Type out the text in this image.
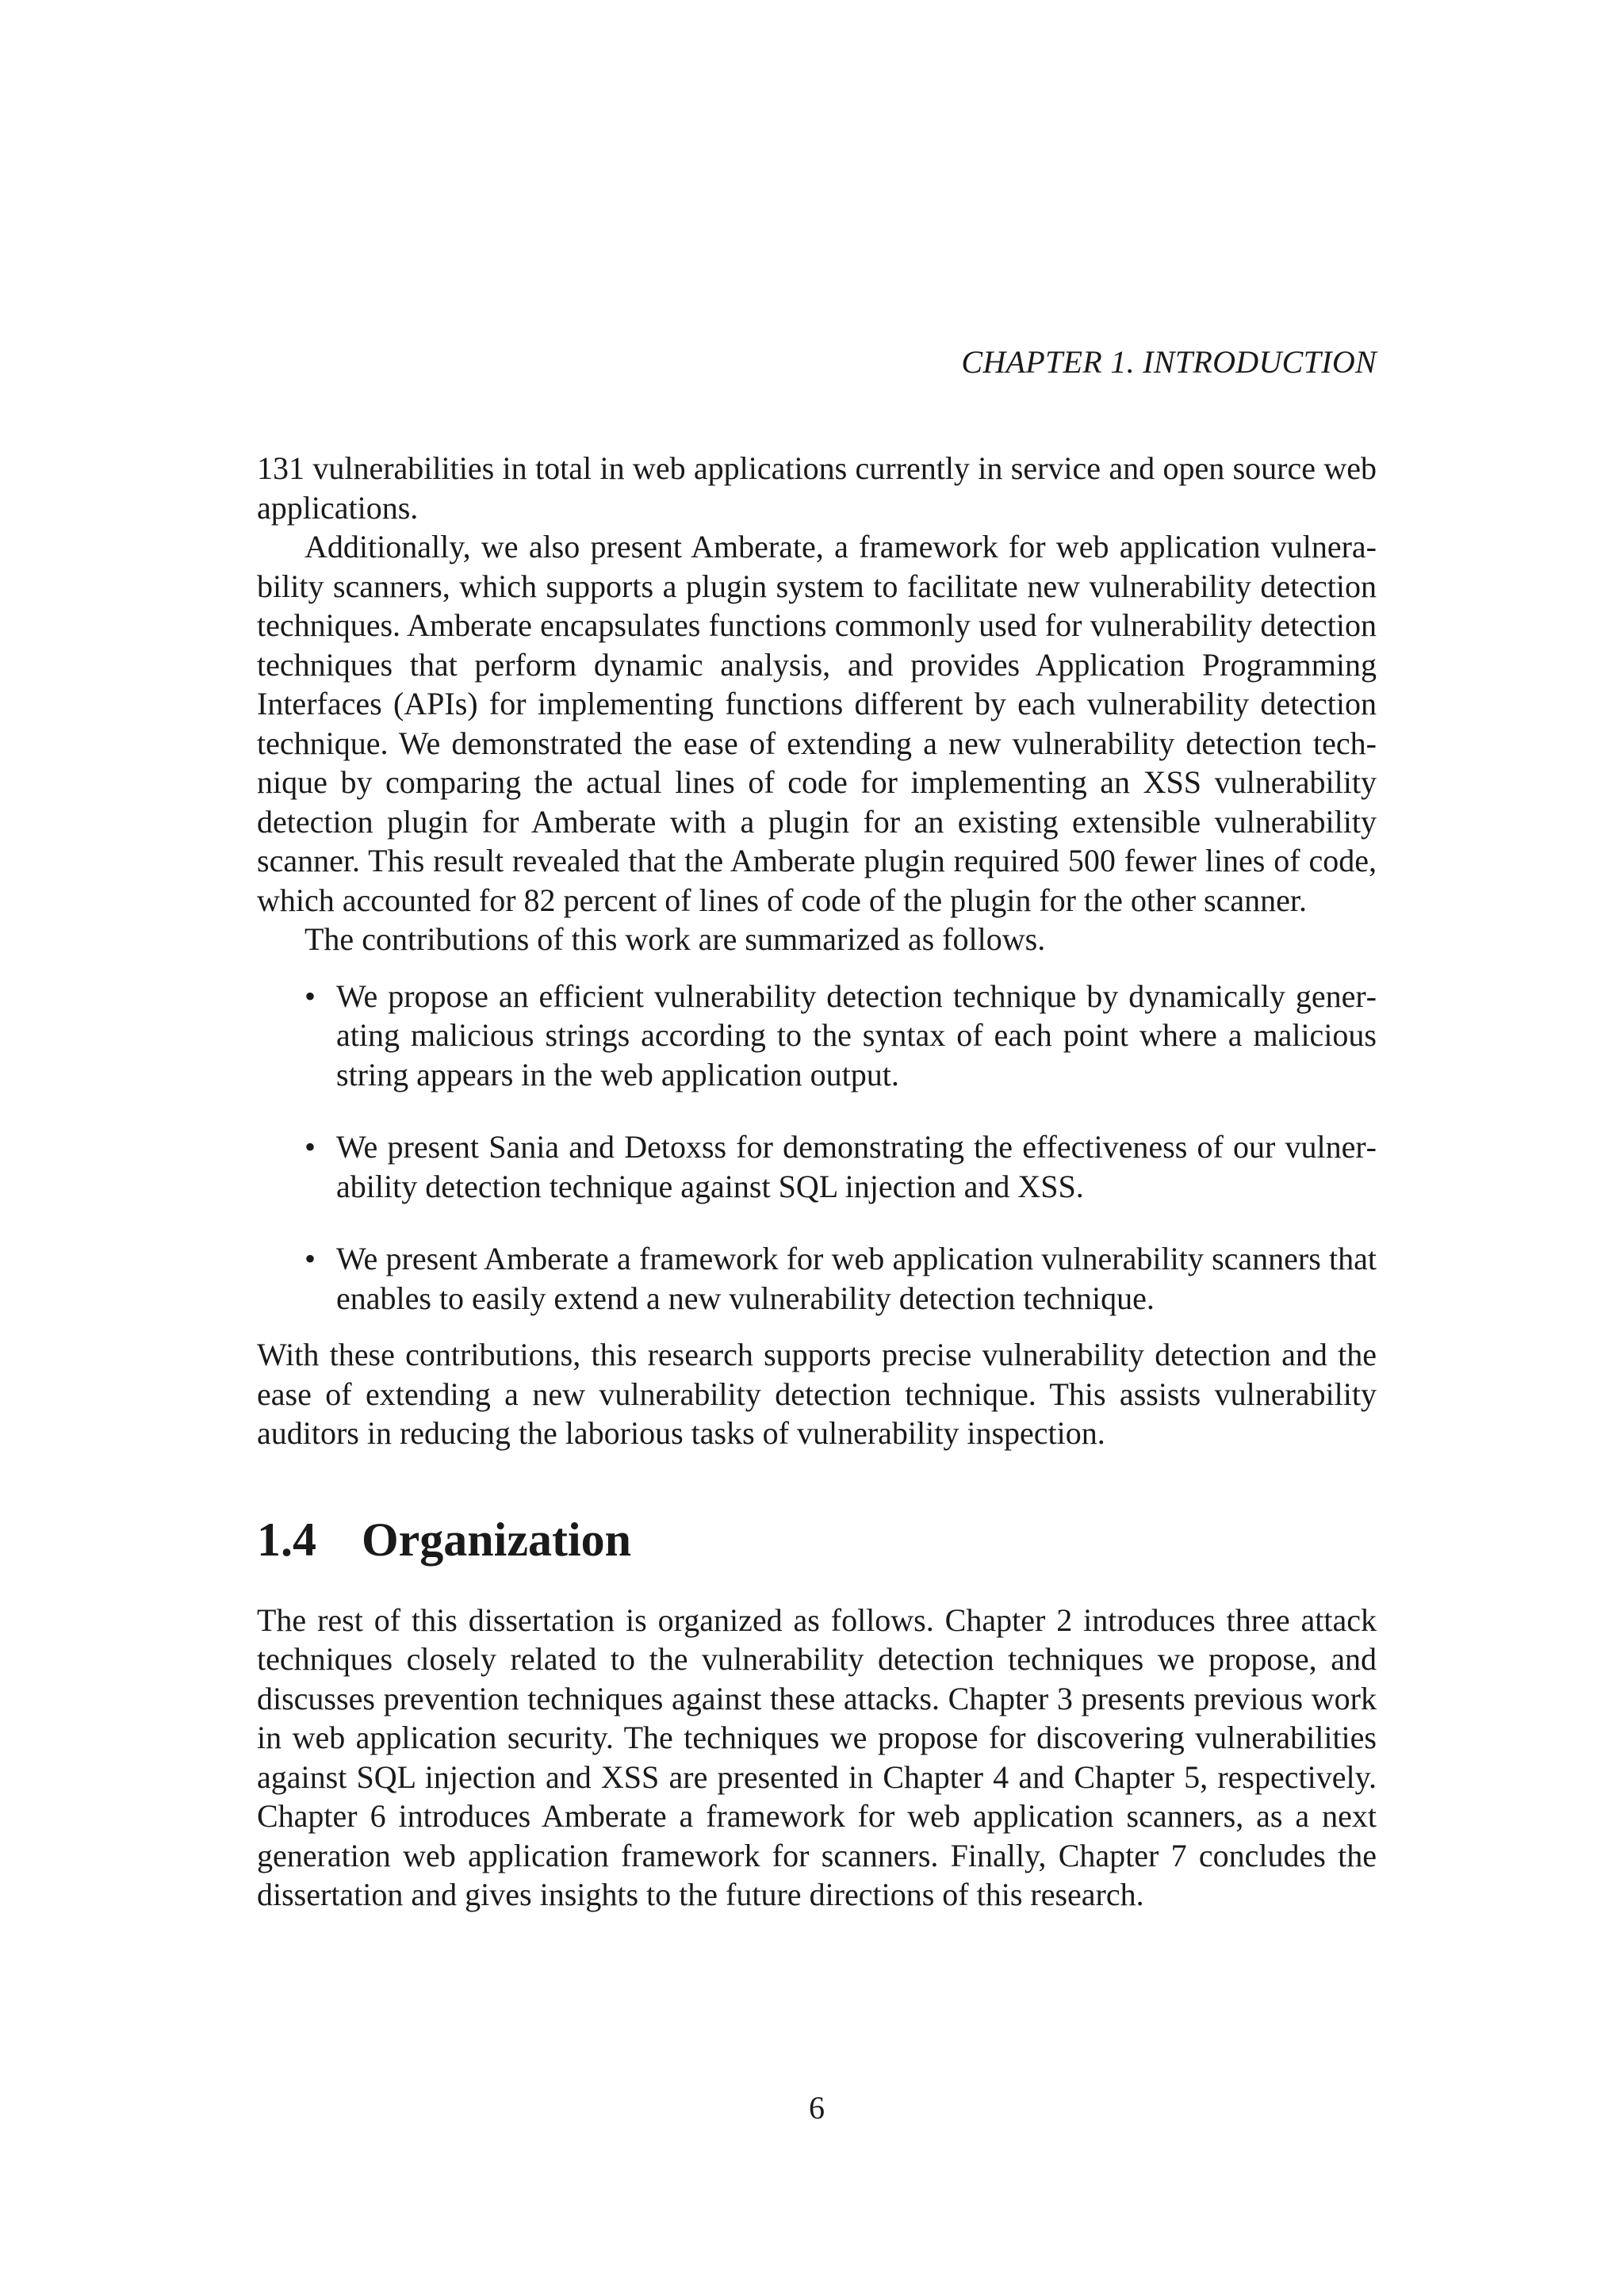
CHAPTER 1. INTRODUCTION

131 vulnerabilities in total in web applications currently in service and open source web applications.

Additionally, we also present Amberate, a framework for web application vulnerability scanners, which supports a plugin system to facilitate new vulnerability detection techniques. Amberate encapsulates functions commonly used for vulnerability detection techniques that perform dynamic analysis, and provides Application Programming Interfaces (APIs) for implementing functions different by each vulnerability detection technique. We demonstrated the ease of extending a new vulnerability detection technique by comparing the actual lines of code for implementing an XSS vulnerability detection plugin for Amberate with a plugin for an existing extensible vulnerability scanner. This result revealed that the Amberate plugin required 500 fewer lines of code, which accounted for 82 percent of lines of code of the plugin for the other scanner.

The contributions of this work are summarized as follows.

• We propose an efficient vulnerability detection technique by dynamically generating malicious strings according to the syntax of each point where a malicious string appears in the web application output.
• We present Sania and Detoxss for demonstrating the effectiveness of our vulnerability detection technique against SQL injection and XSS.
• We present Amberate a framework for web application vulnerability scanners that enables to easily extend a new vulnerability detection technique.

With these contributions, this research supports precise vulnerability detection and the ease of extending a new vulnerability detection technique. This assists vulnerability auditors in reducing the laborious tasks of vulnerability inspection.

1.4 Organization

The rest of this dissertation is organized as follows. Chapter 2 introduces three attack techniques closely related to the vulnerability detection techniques we propose, and discusses prevention techniques against these attacks. Chapter 3 presents previous work in web application security. The techniques we propose for discovering vulnerabilities against SQL injection and XSS are presented in Chapter 4 and Chapter 5, respectively. Chapter 6 introduces Amberate a framework for web application scanners, as a next generation web application framework for scanners. Finally, Chapter 7 concludes the dissertation and gives insights to the future directions of this research.

6
